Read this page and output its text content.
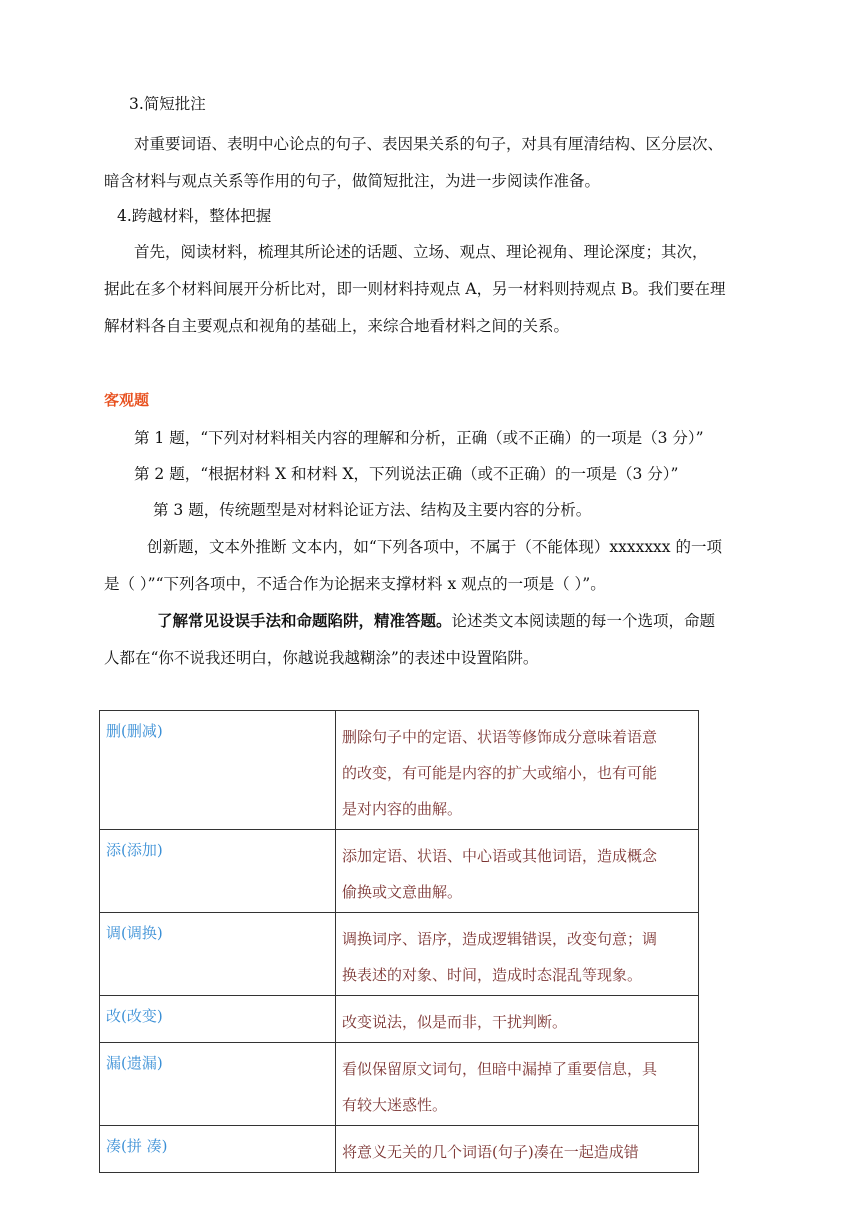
3.简短批注
对重要词语、表明中心论点的句子、表因果关系的句子，对具有厘清结构、区分层次、
暗含材料与观点关系等作用的句子，做简短批注，为进一步阅读作准备。
4.跨越材料，整体把握
首先，阅读材料，梳理其所论述的话题、立场、观点、理论视角、理论深度；其次，
据此在多个材料间展开分析比对，即一则材料持观点 A，另一材料则持观点 B。我们要在理
解材料各自主要观点和视角的基础上，来综合地看材料之间的关系。
客观题
第 1 题，“下列对材料相关内容的理解和分析，正确（或不正确）的一项是（3 分）”
第 2 题，“根据材料 X 和材料 X，下列说法正确（或不正确）的一项是（3 分）”
第 3 题，传统题型是对材料论证方法、结构及主要内容的分析。
创新题，文本外推断 文本内，如“下列各项中，不属于（不能体现）xxxxxxx 的一项
是（ ）”“下列各项中，不适合作为论据来支撑材料 x 观点的一项是（ ）”。
了解常见设误手法和命题陷阱，精准答题。论述类文本阅读题的每一个选项，命题
人都在“你不说我还明白，你越说我越糊涂”的表述中设置陷阱。
删(删减)	删除句子中的定语、状语等修饰成分意味着语意
的改变，有可能是内容的扩大或缩小，也有可能
是对内容的曲解。

添(添加)	添加定语、状语、中心语或其他词语，造成概念
偷换或文意曲解。

调(调换)	调换词序、语序，造成逻辑错误，改变句意；调
换表述的对象、时间，造成时态混乱等现象。

改(改变)	改变说法，似是而非，干扰判断。

漏(遗漏)	看似保留原文词句，但暗中漏掉了重要信息，具
有较大迷惑性。

凑(拼 凑)	将意义无关的几个词语(句子)凑在一起造成错
